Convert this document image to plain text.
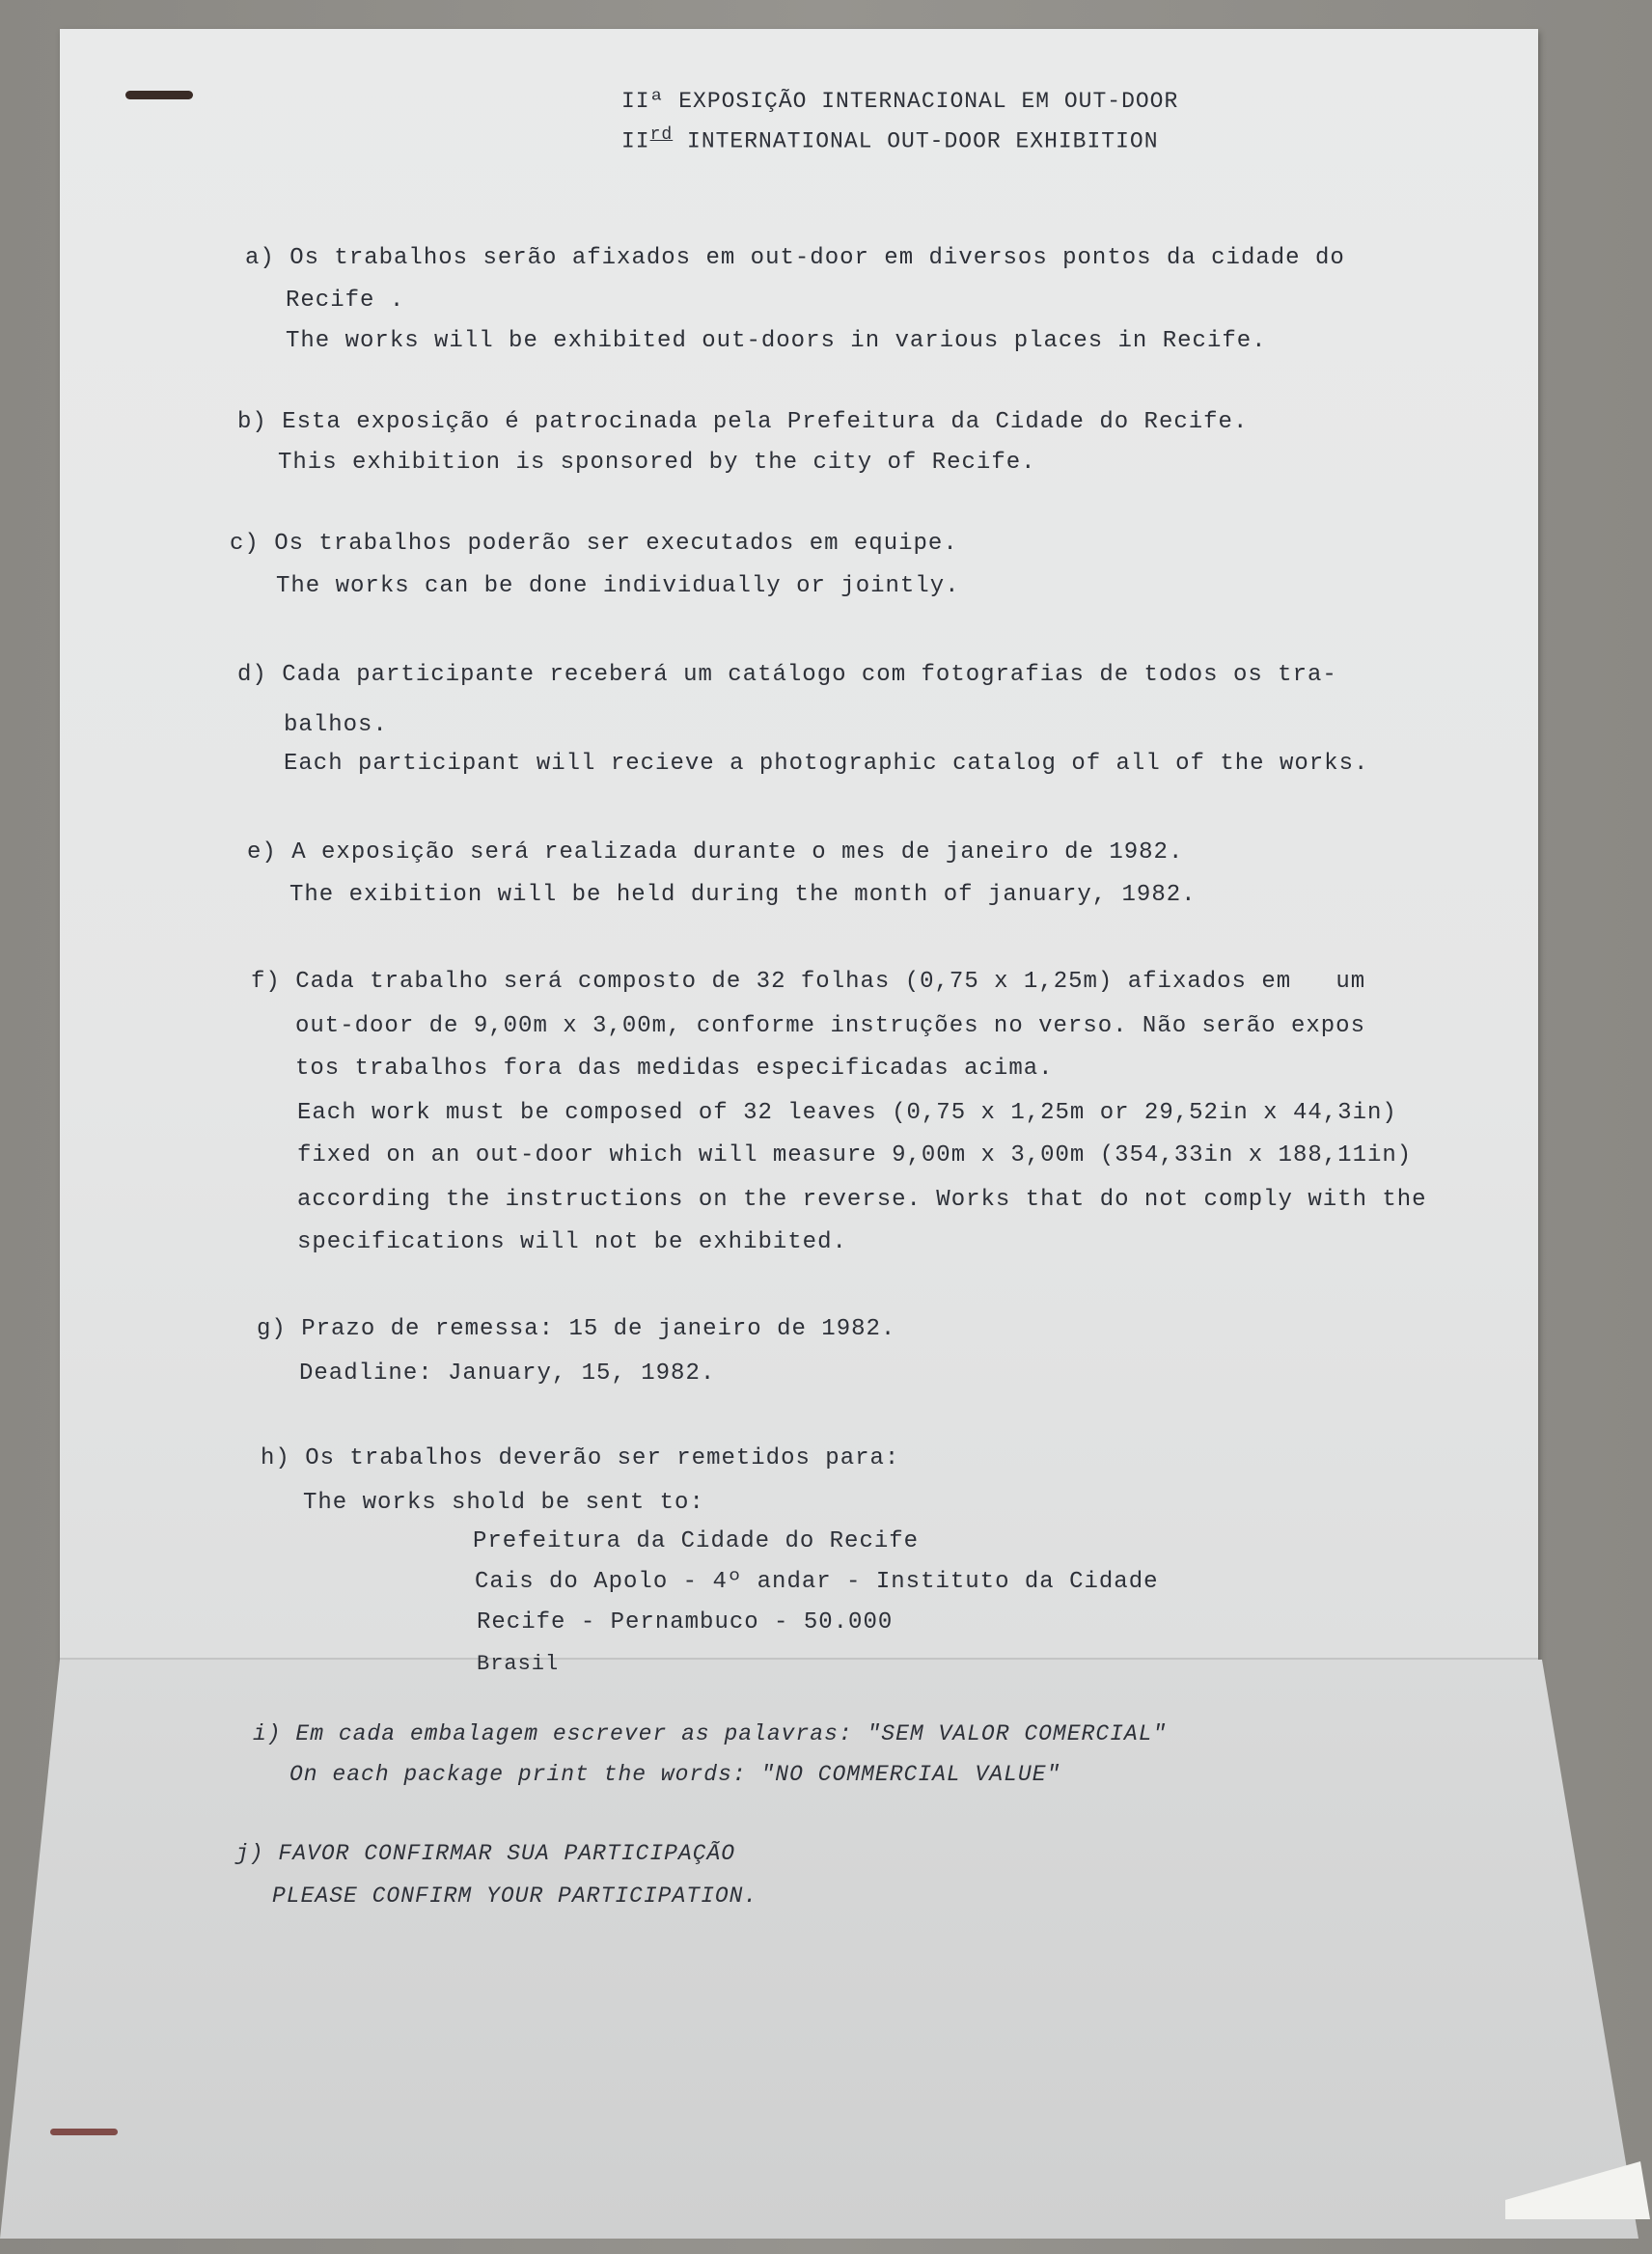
IIª EXPOSIÇÃO INTERNACIONAL EM OUT-DOOR
IIrd INTERNATIONAL OUT-DOOR EXHIBITION
a) Os trabalhos serão afixados em out-door em diversos pontos da cidade do
Recife .
The works will be exhibited out-doors in various places in Recife.
b) Esta exposição é patrocinada pela Prefeitura da Cidade do Recife.
This exhibition is sponsored by the city of Recife.
c) Os trabalhos poderão ser executados em equipe.
The works can be done individually or jointly.
d) Cada participante receberá um catálogo com fotografias de todos os tra-
balhos.
Each participant will recieve a photographic catalog of all of the works.
e) A exposição será realizada durante o mes de janeiro de 1982.
The exibition will be held during the month of january, 1982.
f) Cada trabalho será composto de 32 folhas (0,75 x 1,25m) afixados em   um
out-door de 9,00m x 3,00m, conforme instruções no verso. Não serão expos
tos trabalhos fora das medidas especificadas acima.
Each work must be composed of 32 leaves (0,75 x 1,25m or 29,52in x 44,3in)
fixed on an out-door which will measure 9,00m x 3,00m (354,33in x 188,11in)
according the instructions on the reverse. Works that do not comply with the
specifications will not be exhibited.
g) Prazo de remessa: 15 de janeiro de 1982.
Deadline: January, 15, 1982.
h) Os trabalhos deverão ser remetidos para:
The works shold be sent to:
Prefeitura da Cidade do Recife
Cais do Apolo - 4º andar - Instituto da Cidade
Recife - Pernambuco - 50.000
Brasil
i) Em cada embalagem escrever as palavras: "SEM VALOR COMERCIAL"
On each package print the words: "NO COMMERCIAL VALUE"
j) FAVOR CONFIRMAR SUA PARTICIPAÇÃO
PLEASE CONFIRM YOUR PARTICIPATION.
